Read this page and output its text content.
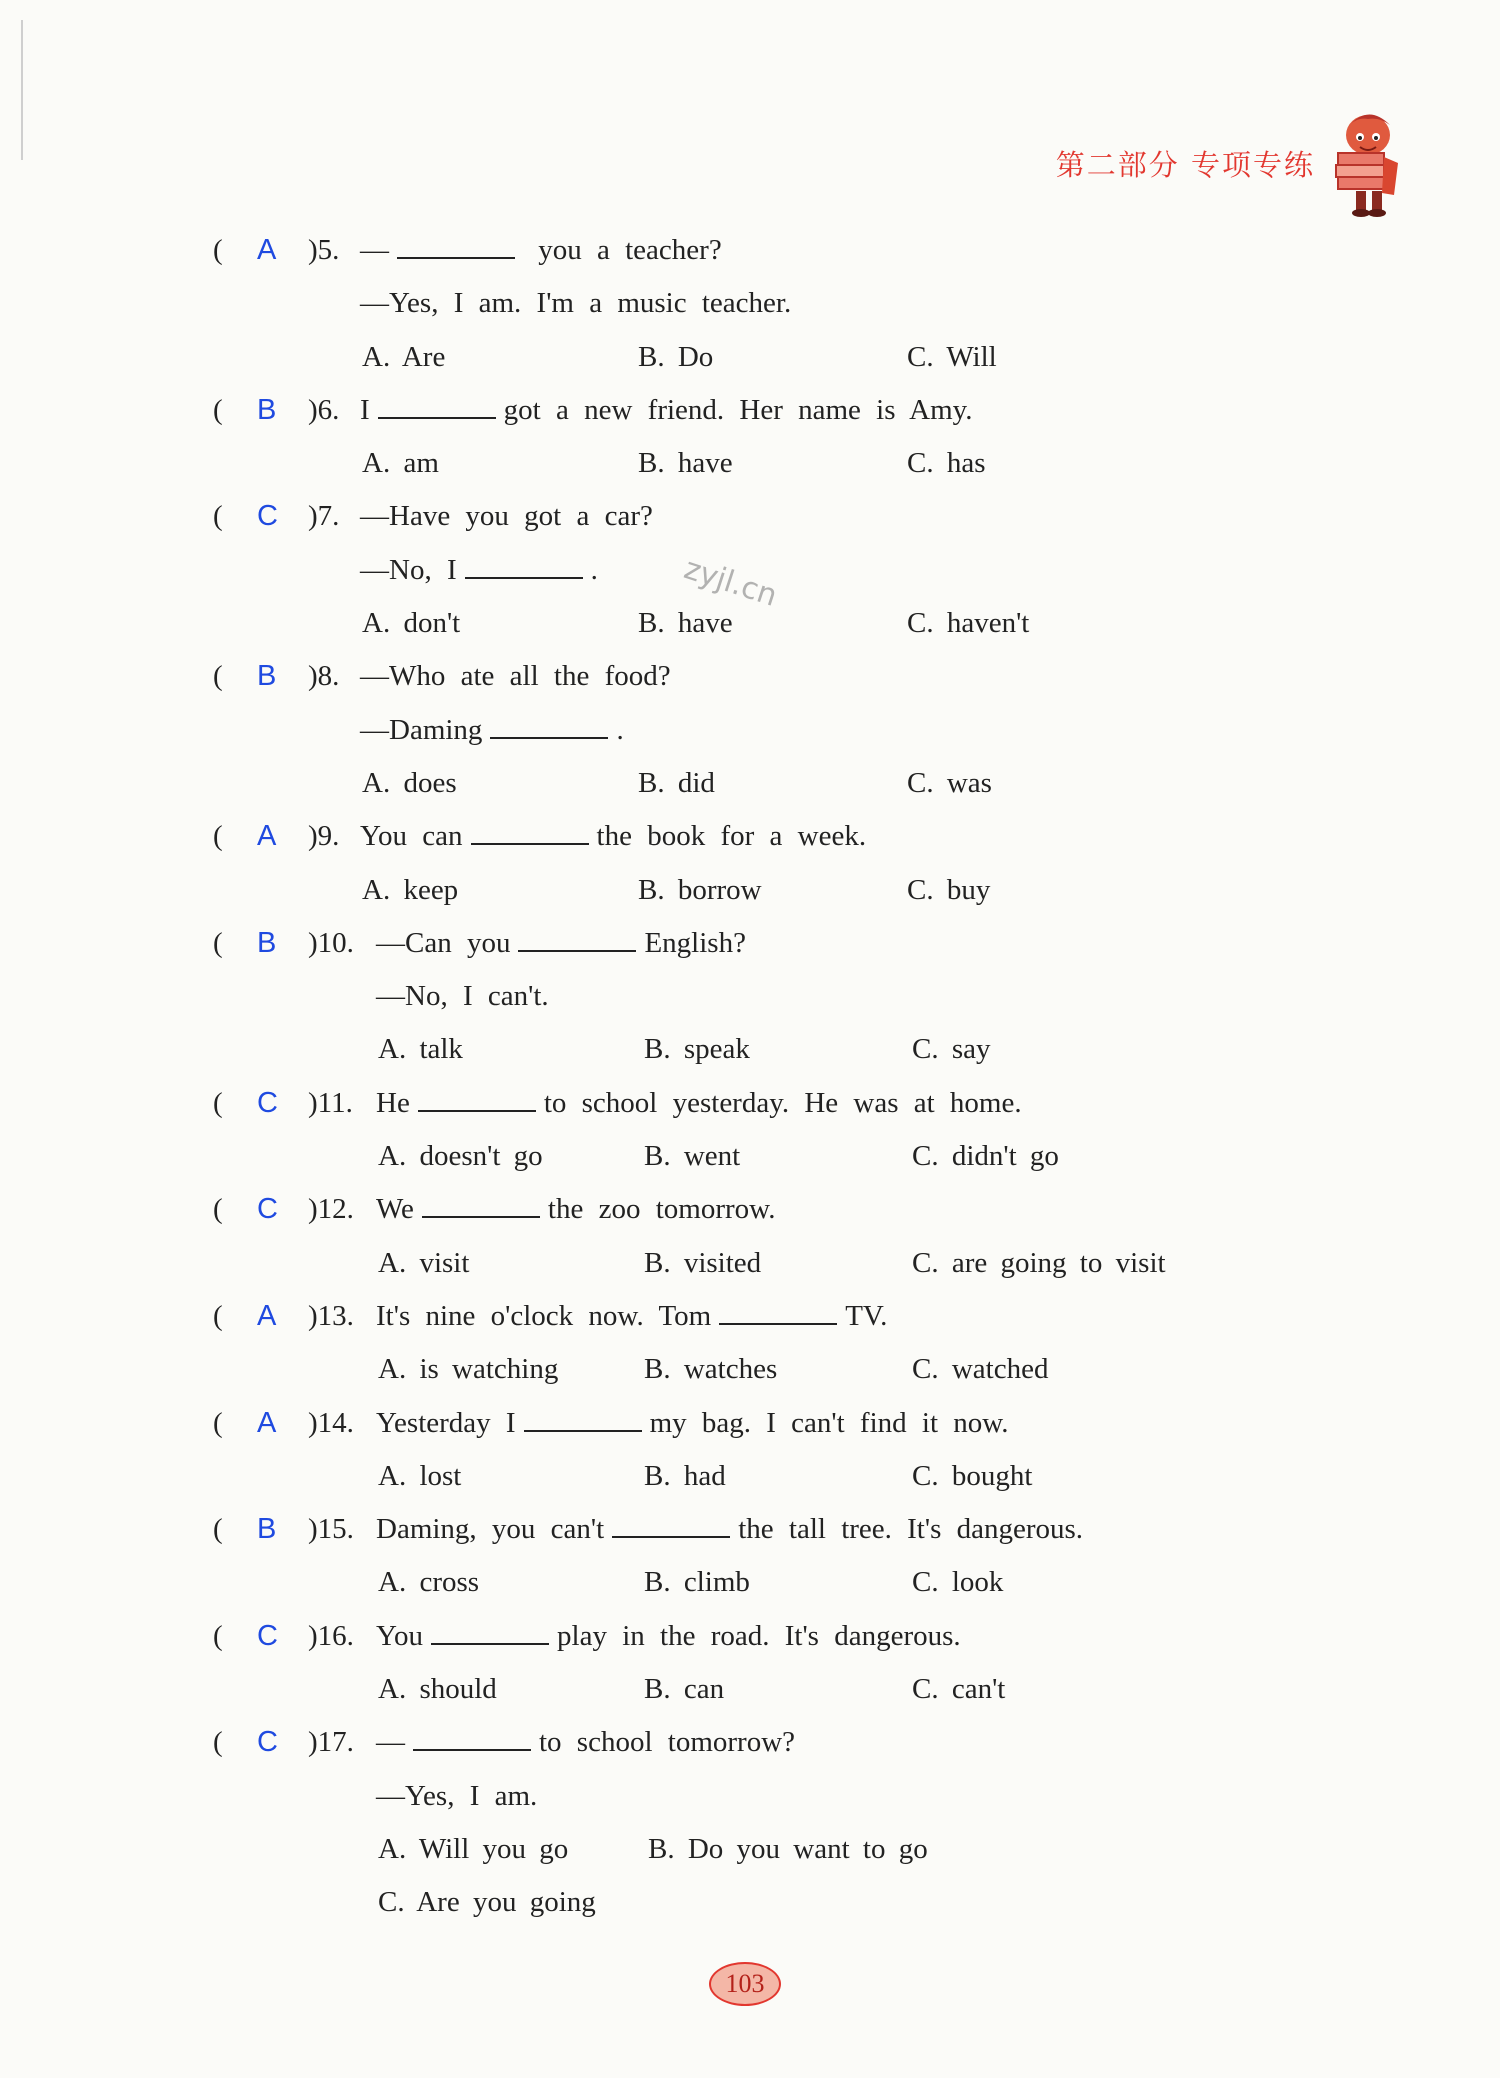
第二部分 专项专练
zyjl.cn
( A )5. —	you a teacher?
—Yes, I am. I'm a music teacher.
A. Are	B. Do	C. Will
( B )6. I	got a new friend. Her name is Amy.
A. am	B. have	C. has
( C )7. —Have you got a car?
—No, I	.
A. don't	B. have	C. haven't
( B )8. —Who ate all the food?
—Daming	.
A. does	B. did	C. was
( A )9. You can	the book for a week.
A. keep	B. borrow	C. buy
( B )10. —Can you	English?
—No, I can't.
A. talk	B. speak	C. say
( C )11. He	to school yesterday. He was at home.
A. doesn't go	B. went	C. didn't go
( C )12. We	the zoo tomorrow.
A. visit	B. visited	C. are going to visit
( A )13. It's nine o'clock now. Tom	TV.
A. is watching	B. watches	C. watched
( A )14. Yesterday I	my bag. I can't find it now.
A. lost	B. had	C. bought
( B )15. Daming, you can't	the tall tree. It's dangerous.
A. cross	B. climb	C. look
( C )16. You	play in the road. It's dangerous.
A. should	B. can	C. can't
( C )17. —	to school tomorrow?
—Yes, I am.
A. Will you go	B. Do you want to go
C. Are you going
103
